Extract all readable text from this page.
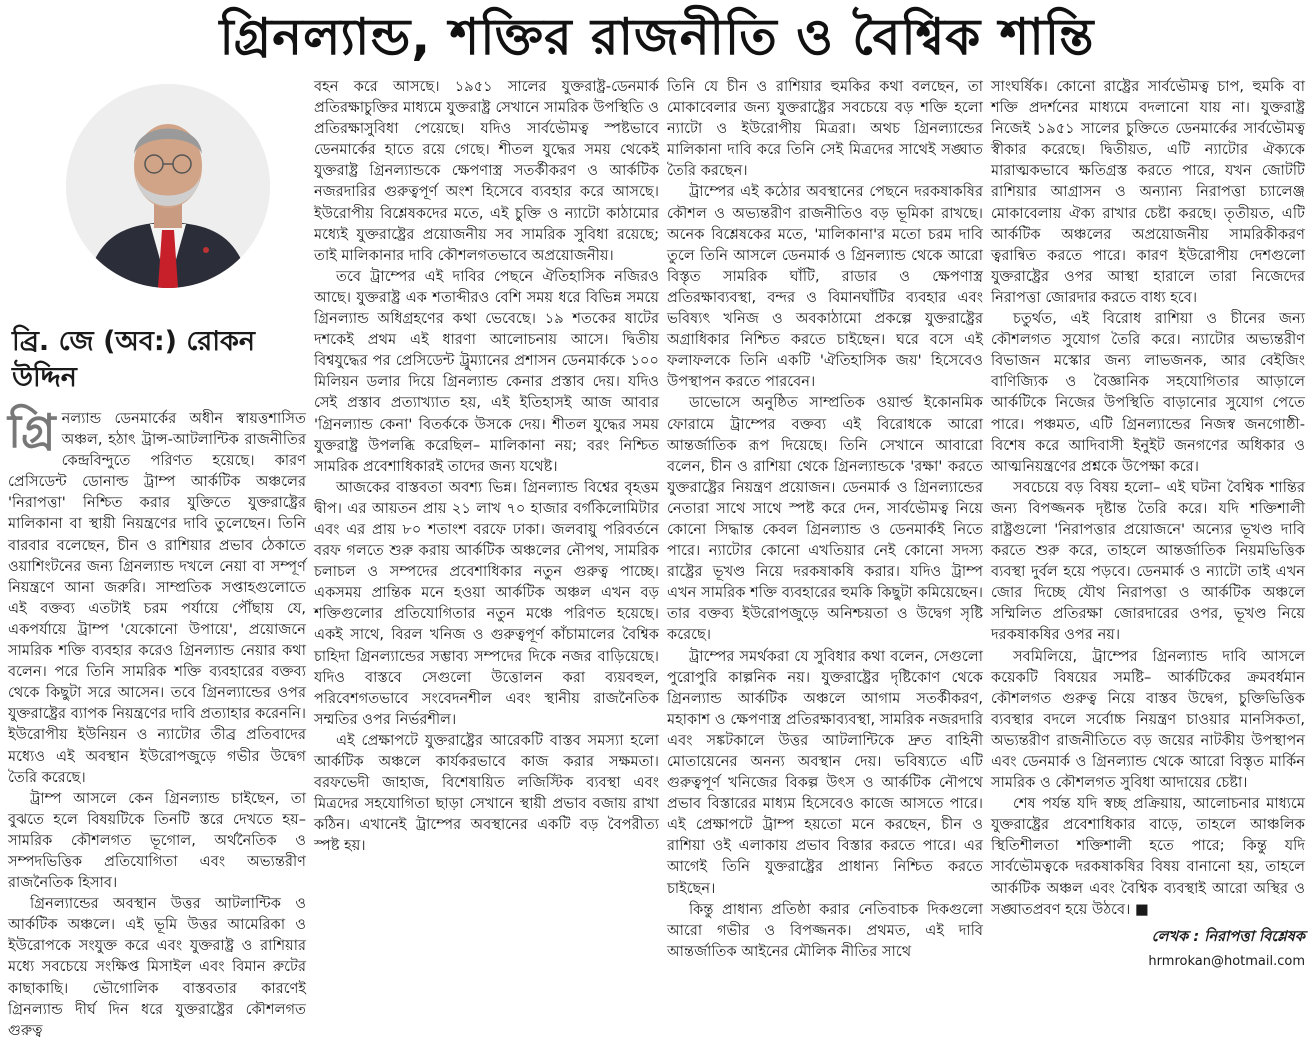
গ্রিনল্যান্ড, শক্তির রাজনীতি ও বৈশ্বিক শান্তি
ব্রি. জে (অব:) রোকন উদ্দিন

গ্রি নল্যান্ড ডেনমার্কের অধীন স্বায়ত্তশাসিত অঞ্চল, হঠাৎ ট্রান্স-আটলান্টিক রাজনীতির কেন্দ্রবিন্দুতে পরিণত হয়েছে। কারণ প্রেসিডেন্ট ডোনাল্ড ট্রাম্প আর্কটিক অঞ্চলের 'নিরাপত্তা' নিশ্চিত করার যুক্তিতে যুক্তরাষ্ট্রের মালিকানা বা স্থায়ী নিয়ন্ত্রণের দাবি তুলেছেন। তিনি বারবার বলেছেন, চীন ও রাশিয়ার প্রভাব ঠেকাতে ওয়াশিংটনের জন্য গ্রিনল্যান্ড দখলে নেয়া বা সম্পূর্ণ নিয়ন্ত্রণে আনা জরুরি। সাম্প্রতিক সপ্তাহগুলোতে এই বক্তব্য এতটাই চরম পর্যায়ে পৌঁছায় যে, একপর্যায়ে ট্রাম্প 'যেকোনো উপায়ে', প্রয়োজনে সামরিক শক্তি ব্যবহার করেও গ্রিনল্যান্ড নেয়ার কথা বলেন। পরে তিনি সামরিক শক্তি ব্যবহারের বক্তব্য থেকে কিছুটা সরে আসেন। তবে গ্রিনল্যান্ডের ওপর যুক্তরাষ্ট্রের ব্যাপক নিয়ন্ত্রণের দাবি প্রত্যাহার করেননি। ইউরোপীয় ইউনিয়ন ও ন্যাটোর তীব্র প্রতিবাদের মধ্যেও এই অবস্থান ইউরোপজুড়ে গভীর উদ্বেগ তৈরি করেছে।

ট্রাম্প আসলে কেন গ্রিনল্যান্ড চাইছেন, তা বুঝতে হলে বিষয়টিকে তিনটি স্তরে দেখতে হয়– সামরিক কৌশলগত ভূগোল, অর্থনৈতিক ও সম্পদভিত্তিক প্রতিযোগিতা এবং অভ্যন্তরীণ রাজনৈতিক হিসাব।

গ্রিনল্যান্ডের অবস্থান উত্তর আটলান্টিক ও আর্কটিক অঞ্চলে। এই ভূমি উত্তর আমেরিকা ও ইউরোপকে সংযুক্ত করে এবং যুক্তরাষ্ট্র ও রাশিয়ার মধ্যে সবচেয়ে সংক্ষিপ্ত মিসাইল এবং বিমান রুটের কাছাকাছি। ভৌগোলিক বাস্তবতার কারণেই গ্রিনল্যান্ড দীর্ঘ দিন ধরে যুক্তরাষ্ট্রের কৌশলগত গুরুত্ব

বহন করে আসছে। ১৯৫১ সালের যুক্তরাষ্ট্র-ডেনমার্ক প্রতিরক্ষাচুক্তির মাধ্যমে যুক্তরাষ্ট্র সেখানে সামরিক উপস্থিতি ও প্রতিরক্ষাসুবিধা পেয়েছে। যদিও সার্বভৌমত্ব স্পষ্টভাবে ডেনমার্কের হাতে রয়ে গেছে। শীতল যুদ্ধের সময় থেকেই যুক্তরাষ্ট্র গ্রিনল্যান্ডকে ক্ষেপণাস্ত্র সতর্কীকরণ ও আর্কটিক নজরদারির গুরুত্বপূর্ণ অংশ হিসেবে ব্যবহার করে আসছে। ইউরোপীয় বিশ্লেষকদের মতে, এই চুক্তি ও ন্যাটো কাঠামোর মধ্যেই যুক্তরাষ্ট্রের প্রয়োজনীয় সব সামরিক সুবিধা রয়েছে; তাই মালিকানার দাবি কৌশলগতভাবে অপ্রয়োজনীয়।

তবে ট্রাম্পের এই দাবির পেছনে ঐতিহাসিক নজিরও আছে। যুক্তরাষ্ট্র এক শতাব্দীরও বেশি সময় ধরে বিভিন্ন সময়ে গ্রিনল্যান্ড অধিগ্রহণের কথা ভেবেছে। ১৯ শতকের ষাটের দশকেই প্রথম এই ধারণা আলোচনায় আসে। দ্বিতীয় বিশ্বযুদ্ধের পর প্রেসিডেন্ট ট্রুম্যানের প্রশাসন ডেনমার্ককে ১০০ মিলিয়ন ডলার দিয়ে গ্রিনল্যান্ড কেনার প্রস্তাব দেয়। যদিও সেই প্রস্তাব প্রত্যাখ্যাত হয়, এই ইতিহাসই আজ আবার 'গ্রিনল্যান্ড কেনা' বিতর্ককে উসকে দেয়। শীতল যুদ্ধের সময় যুক্তরাষ্ট্র উপলব্ধি করেছিল– মালিকানা নয়; বরং নিশ্চিত সামরিক প্রবেশাধিকারই তাদের জন্য যথেষ্ট।

আজকের বাস্তবতা অবশ্য ভিন্ন। গ্রিনল্যান্ড বিশ্বের বৃহত্তম দ্বীপ। এর আয়তন প্রায় ২১ লাখ ৭০ হাজার বর্গকিলোমিটার এবং এর প্রায় ৮০ শতাংশ বরফে ঢাকা। জলবায়ু পরিবর্তনে বরফ গলতে শুরু করায় আর্কটিক অঞ্চলের নৌপথ, সামরিক চলাচল ও সম্পদের প্রবেশাধিকার নতুন গুরুত্ব পাচ্ছে। একসময় প্রান্তিক মনে হওয়া আর্কটিক অঞ্চল এখন বড় শক্তিগুলোর প্রতিযোগিতার নতুন মঞ্চে পরিণত হয়েছে। একই সাথে, বিরল খনিজ ও গুরুত্বপূর্ণ কাঁচামালের বৈশ্বিক চাহিদা গ্রিনল্যান্ডের সম্ভাব্য সম্পদের দিকে নজর বাড়িয়েছে। যদিও বাস্তবে সেগুলো উত্তোলন করা ব্যয়বহুল, পরিবেশগতভাবে সংবেদনশীল এবং স্থানীয় রাজনৈতিক সম্মতির ওপর নির্ভরশীল।

এই প্রেক্ষাপটে যুক্তরাষ্ট্রের আরেকটি বাস্তব সমস্যা হলো আর্কটিক অঞ্চলে কার্যকরভাবে কাজ করার সক্ষমতা। বরফভেদী জাহাজ, বিশেষায়িত লজিস্টিক ব্যবস্থা এবং মিত্রদের সহযোগিতা ছাড়া সেখানে স্থায়ী প্রভাব বজায় রাখা কঠিন। এখানেই ট্রাম্পের অবস্থানের একটি বড় বৈপরীত্য স্পষ্ট হয়।

তিনি যে চীন ও রাশিয়ার হুমকির কথা বলছেন, তা মোকাবেলার জন্য যুক্তরাষ্ট্রের সবচেয়ে বড় শক্তি হলো ন্যাটো ও ইউরোপীয় মিত্ররা। অথচ গ্রিনল্যান্ডের মালিকানা দাবি করে তিনি সেই মিত্রদের সাথেই সঙ্ঘাত তৈরি করছেন।

ট্রাম্পের এই কঠোর অবস্থানের পেছনে দরকষাকষির কৌশল ও অভ্যন্তরীণ রাজনীতিও বড় ভূমিকা রাখছে। অনেক বিশ্লেষকের মতে, 'মালিকানা'র মতো চরম দাবি তুলে তিনি আসলে ডেনমার্ক ও গ্রিনল্যান্ড থেকে আরো বিস্তৃত সামরিক ঘাঁটি, রাডার ও ক্ষেপণাস্ত্র প্রতিরক্ষাব্যবস্থা, বন্দর ও বিমানঘাঁটির ব্যবহার এবং ভবিষ্যৎ খনিজ ও অবকাঠামো প্রকল্পে যুক্তরাষ্ট্রের অগ্রাধিকার নিশ্চিত করতে চাইছেন। ঘরে বসে এই ফলাফলকে তিনি একটি 'ঐতিহাসিক জয়' হিসেবেও উপস্থাপন করতে পারবেন।

ডাভোসে অনুষ্ঠিত সাম্প্রতিক ওয়ার্ল্ড ইকোনমিক ফোরামে ট্রাম্পের বক্তব্য এই বিরোধকে আরো আন্তর্জাতিক রূপ দিয়েছে। তিনি সেখানে আবারো বলেন, চীন ও রাশিয়া থেকে গ্রিনল্যান্ডকে 'রক্ষা' করতে যুক্তরাষ্ট্রের নিয়ন্ত্রণ প্রয়োজন। ডেনমার্ক ও গ্রিনল্যান্ডের নেতারা সাথে সাথে স্পষ্ট করে দেন, সার্বভৌমত্ব নিয়ে কোনো সিদ্ধান্ত কেবল গ্রিনল্যান্ড ও ডেনমার্কই নিতে পারে। ন্যাটোর কোনো এখতিয়ার নেই কোনো সদস্য রাষ্ট্রের ভূখণ্ড নিয়ে দরকষাকষি করার। যদিও ট্রাম্প এখন সামরিক শক্তি ব্যবহারের হুমকি কিছুটা কমিয়েছেন। তার বক্তব্য ইউরোপজুড়ে অনিশ্চয়তা ও উদ্বেগ সৃষ্টি করেছে।

ট্রাম্পের সমর্থকরা যে সুবিধার কথা বলেন, সেগুলো পুরোপুরি কাল্পনিক নয়। যুক্তরাষ্ট্রের দৃষ্টিকোণ থেকে গ্রিনল্যান্ড আর্কটিক অঞ্চলে আগাম সতর্কীকরণ, মহাকাশ ও ক্ষেপণাস্ত্র প্রতিরক্ষাব্যবস্থা, সামরিক নজরদারি এবং সঙ্কটকালে উত্তর আটলান্টিকে দ্রুত বাহিনী মোতায়েনের অনন্য অবস্থান দেয়। ভবিষ্যতে এটি গুরুত্বপূর্ণ খনিজের বিকল্প উৎস ও আর্কটিক নৌপথে প্রভাব বিস্তারের মাধ্যম হিসেবেও কাজে আসতে পারে। এই প্রেক্ষাপটে ট্রাম্প হয়তো মনে করছেন, চীন ও রাশিয়া ওই এলাকায় প্রভাব বিস্তার করতে পারে। এর আগেই তিনি যুক্তরাষ্ট্রের প্রাধান্য নিশ্চিত করতে চাইছেন।

কিন্তু প্রাধান্য প্রতিষ্ঠা করার নেতিবাচক দিকগুলো আরো গভীর ও বিপজ্জনক। প্রথমত, এই দাবি আন্তর্জাতিক আইনের মৌলিক নীতির সাথে

সাংঘর্ষিক। কোনো রাষ্ট্রের সার্বভৌমত্ব চাপ, হুমকি বা শক্তি প্রদর্শনের মাধ্যমে বদলানো যায় না। যুক্তরাষ্ট্র নিজেই ১৯৫১ সালের চুক্তিতে ডেনমার্কের সার্বভৌমত্ব স্বীকার করেছে। দ্বিতীয়ত, এটি ন্যাটোর ঐক্যকে মারাত্মকভাবে ক্ষতিগ্রস্ত করতে পারে, যখন জোটটি রাশিয়ার আগ্রাসন ও অন্যান্য নিরাপত্তা চ্যালেঞ্জ মোকাবেলায় ঐক্য রাখার চেষ্টা করছে। তৃতীয়ত, এটি আর্কটিক অঞ্চলের অপ্রয়োজনীয় সামরিকীকরণ ত্বরান্বিত করতে পারে। কারণ ইউরোপীয় দেশগুলো যুক্তরাষ্ট্রের ওপর আস্থা হারালে তারা নিজেদের নিরাপত্তা জোরদার করতে বাধ্য হবে।

চতুর্থত, এই বিরোধ রাশিয়া ও চীনের জন্য কৌশলগত সুযোগ তৈরি করে। ন্যাটোর অভ্যন্তরীণ বিভাজন মস্কোর জন্য লাভজনক, আর বেইজিং বাণিজ্যিক ও বৈজ্ঞানিক সহযোগিতার আড়ালে আর্কটিকে নিজের উপস্থিতি বাড়ানোর সুযোগ পেতে পারে। পঞ্চমত, এটি গ্রিনল্যান্ডের নিজস্ব জনগোষ্ঠী- বিশেষ করে আদিবাসী ইনুইট জনগণের অধিকার ও আত্মনিয়ন্ত্রণের প্রশ্নকে উপেক্ষা করে।

সবচেয়ে বড় বিষয় হলো– এই ঘটনা বৈশ্বিক শান্তির জন্য বিপজ্জনক দৃষ্টান্ত তৈরি করে। যদি শক্তিশালী রাষ্ট্রগুলো 'নিরাপত্তার প্রয়োজনে' অন্যের ভূখণ্ড দাবি করতে শুরু করে, তাহলে আন্তর্জাতিক নিয়মভিত্তিক ব্যবস্থা দুর্বল হয়ে পড়বে। ডেনমার্ক ও ন্যাটো তাই এখন জোর দিচ্ছে যৌথ নিরাপত্তা ও আর্কটিক অঞ্চলে সম্মিলিত প্রতিরক্ষা জোরদারের ওপর, ভূখণ্ড নিয়ে দরকষাকষির ওপর নয়।

সবমিলিয়ে, ট্রাম্পের গ্রিনল্যান্ড দাবি আসলে কয়েকটি বিষয়ের সমষ্টি– আর্কটিকের ক্রমবর্ধমান কৌশলগত গুরুত্ব নিয়ে বাস্তব উদ্বেগ, চুক্তিভিত্তিক ব্যবস্থার বদলে সর্বোচ্চ নিয়ন্ত্রণ চাওয়ার মানসিকতা, অভ্যন্তরীণ রাজনীতিতে বড় জয়ের নাটকীয় উপস্থাপন এবং ডেনমার্ক ও গ্রিনল্যান্ড থেকে আরো বিস্তৃত মার্কিন সামরিক ও কৌশলগত সুবিধা আদায়ের চেষ্টা।

শেষ পর্যন্ত যদি স্বচ্ছ প্রক্রিয়ায়, আলোচনার মাধ্যমে যুক্তরাষ্ট্রের প্রবেশাধিকার বাড়ে, তাহলে আঞ্চলিক স্থিতিশীলতা শক্তিশালী হতে পারে; কিন্তু যদি সার্বভৌমত্বকে দরকষাকষির বিষয় বানানো হয়, তাহলে আর্কটিক অঞ্চল এবং বৈশ্বিক ব্যবস্থাই আরো অস্থির ও সঙ্ঘাতপ্রবণ হয়ে উঠবে। ■

লেখক : নিরাপত্তা বিশ্লেষক
hrmrokan@hotmail.com
